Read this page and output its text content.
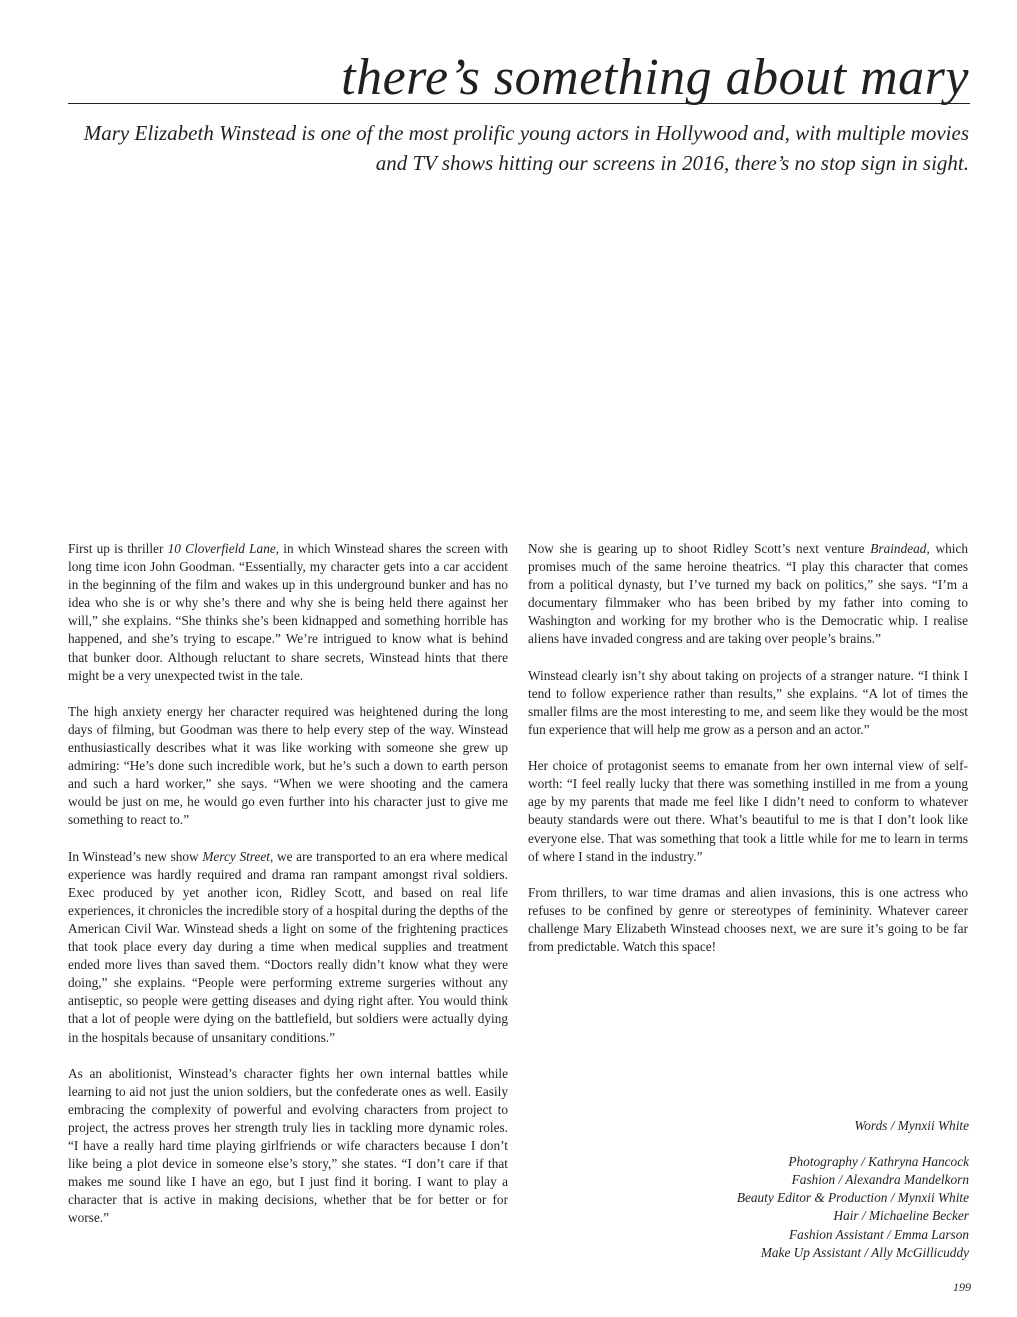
there’s something about mary

Mary Elizabeth Winstead is one of the most prolific young actors in Hollywood and, with multiple movies and TV shows hitting our screens in 2016, there’s no stop sign in sight.

First up is thriller 10 Cloverfield Lane, in which Winstead shares the screen with long time icon John Goodman. “Essentially, my character gets into a car accident in the beginning of the film and wakes up in this underground bunker and has no idea who she is or why she’s there and why she is being held there against her will,” she explains. “She thinks she’s been kidnapped and something horrible has happened, and she’s trying to escape.” We’re intrigued to know what is behind that bunker door. Although reluctant to share secrets, Winstead hints that there might be a very unexpected twist in the tale.

The high anxiety energy her character required was heightened during the long days of filming, but Goodman was there to help every step of the way. Winstead enthusiastically describes what it was like working with someone she grew up admiring: “He’s done such incredible work, but he’s such a down to earth person and such a hard worker,” she says. “When we were shooting and the camera would be just on me, he would go even further into his character just to give me something to react to.”

In Winstead’s new show Mercy Street, we are transported to an era where medical experience was hardly required and drama ran rampant amongst rival soldiers. Exec produced by yet another icon, Ridley Scott, and based on real life experiences, it chronicles the incredible story of a hospital during the depths of the American Civil War. Winstead sheds a light on some of the frightening practices that took place every day during a time when medical supplies and treatment ended more lives than saved them. “Doctors really didn’t know what they were doing,” she explains. “People were performing extreme surgeries without any antiseptic, so people were getting diseases and dying right after. You would think that a lot of people were dying on the battlefield, but soldiers were actually dying in the hospitals because of unsanitary conditions.”

As an abolitionist, Winstead’s character fights her own internal battles while learning to aid not just the union soldiers, but the confederate ones as well. Easily embracing the complexity of powerful and evolving characters from project to project, the actress proves her strength truly lies in tackling more dynamic roles. “I have a really hard time playing girlfriends or wife characters because I don’t like being a plot device in someone else’s story,” she states. “I don’t care if that makes me sound like I have an ego, but I just find it boring. I want to play a character that is active in making decisions, whether that be for better or for worse.”

Now she is gearing up to shoot Ridley Scott’s next venture Braindead, which promises much of the same heroine theatrics. “I play this character that comes from a political dynasty, but I’ve turned my back on politics,” she says. “I’m a documentary filmmaker who has been bribed by my father into coming to Washington and working for my brother who is the Democratic whip. I realise aliens have invaded congress and are taking over people’s brains.”

Winstead clearly isn’t shy about taking on projects of a stranger nature. “I think I tend to follow experience rather than results,” she explains. “A lot of times the smaller films are the most interesting to me, and seem like they would be the most fun experience that will help me grow as a person and an actor.”

Her choice of protagonist seems to emanate from her own internal view of self-worth: “I feel really lucky that there was something instilled in me from a young age by my parents that made me feel like I didn’t need to conform to whatever beauty standards were out there. What’s beautiful to me is that I don’t look like everyone else. That was something that took a little while for me to learn in terms of where I stand in the industry.”

From thrillers, to war time dramas and alien invasions, this is one actress who refuses to be confined by genre or stereotypes of femininity. Whatever career challenge Mary Elizabeth Winstead chooses next, we are sure it’s going to be far from predictable. Watch this space!

Words / Mynxii White
Photography / Kathryna Hancock
Fashion / Alexandra Mandelkorn
Beauty Editor & Production / Mynxii White
Hair / Michaeline Becker
Fashion Assistant / Emma Larson
Make Up Assistant / Ally McGillicuddy
199
